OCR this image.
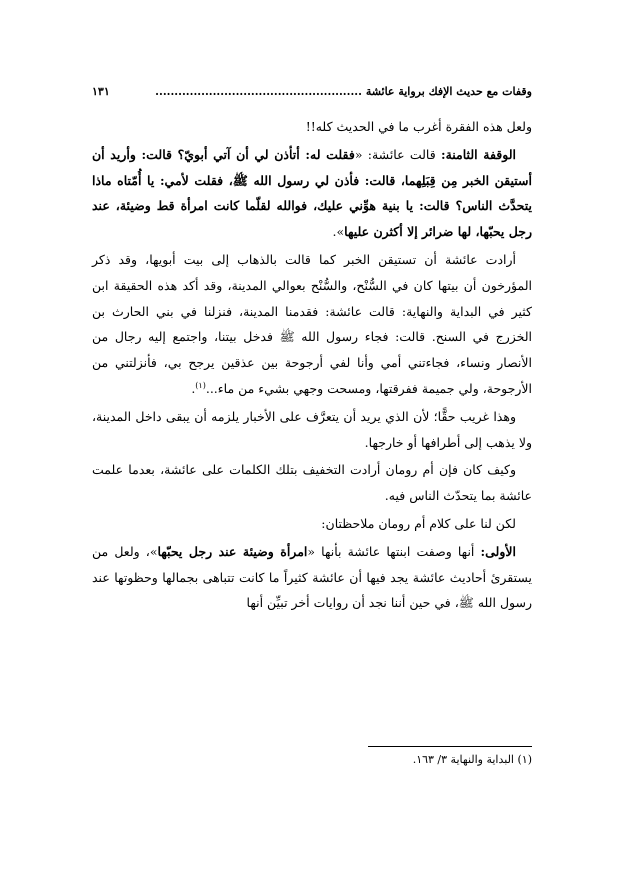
وقفات مع حديث الإفك برواية عائشة ......................................................
١٣١

ولعل هذه الفقرة أغرب ما في الحديث كله!!

الوقفة الثامنة: قالت عائشة: «فقلت له: أتأذن لي أن آتي أبويّ؟ قالت: وأريد أن أستيقن الخبر مِن قِبَلِهما، قالت: فأذن لي رسول الله ﷺ، فقلت لأمي: يا أُمّتاه ماذا يتحدَّث الناس؟ قالت: يا بنية هوِّني عليك، فوالله لقلّما كانت امرأة قط وضيئة، عند رجل يحبّها، لها ضرائر إلا أكثرن عليها».

أرادت عائشة أن تستيقن الخبر كما قالت بالذهاب إلى بيت أبويها، وقد ذكر المؤرخون أن بيتها كان في السُّنْح، والسُّنْح بعوالي المدينة، وقد أكد هذه الحقيقة ابن كثير في البداية والنهاية: قالت عائشة: فقدمنا المدينة، فنزلنا في بني الحارث بن الخزرج في السنح. قالت: فجاء رسول الله ﷺ فدخل بيتنا، واجتمع إليه رجال من الأنصار ونساء، فجاءتني أمي وأنا لفي أرجوحة بين عذقين يرجح بي، فأنزلتني من الأرجوحة، ولي جميمة ففرقتها، ومسحت وجهي بشيء من ماء...$^{(١)}$.

وهذا غريب حقًّا؛ لأن الذي يريد أن يتعرَّف على الأخبار يلزمه أن يبقى داخل المدينة، ولا يذهب إلى أطرافها أو خارجها.

وكيف كان فإن أم رومان أرادت التخفيف بتلك الكلمات على عائشة، بعدما علمت عائشة بما يتحدّث الناس فيه.

لكن لنا على كلام أم رومان ملاحظتان:

الأولى: أنها وصفت ابنتها عائشة بأنها «امرأة وضيئة عند رجل يحبّها»، ولعل من يستقرئ أحاديث عائشة يجد فيها أن عائشة كثيراً ما كانت تتباهى بجمالها وحظوتها عند رسول الله ﷺ، في حين أننا نجد أن روايات أخر تبيِّن أنها

(١) البداية والنهاية ٣/ ١٦٣.
